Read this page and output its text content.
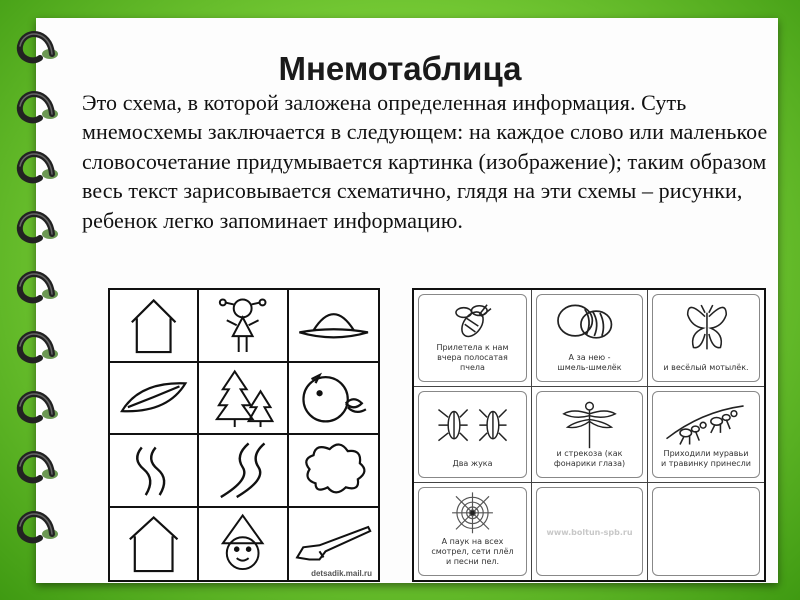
Мнемотаблица
Это схема, в которой заложена определенная информация. Суть мнемосхемы заключается в следующем: на каждое слово или маленькое словосочетание придумывается картинка (изображение); таким образом весь текст зарисовывается схематично, глядя на эти схемы – рисунки, ребенок легко запоминает информацию.
detsadik.mail.ru
Прилетела к нам
вчера полосатая
пчела
А за нею -
шмель-шмелёк	и весёлый мотылёк.
Два жука
и стрекоза (как
фонарики глаза)
Приходили муравьи
и травинку принесли
А паук на всех
смотрел, сети плёл
и песни пел.
www.boltun-spb.ru
